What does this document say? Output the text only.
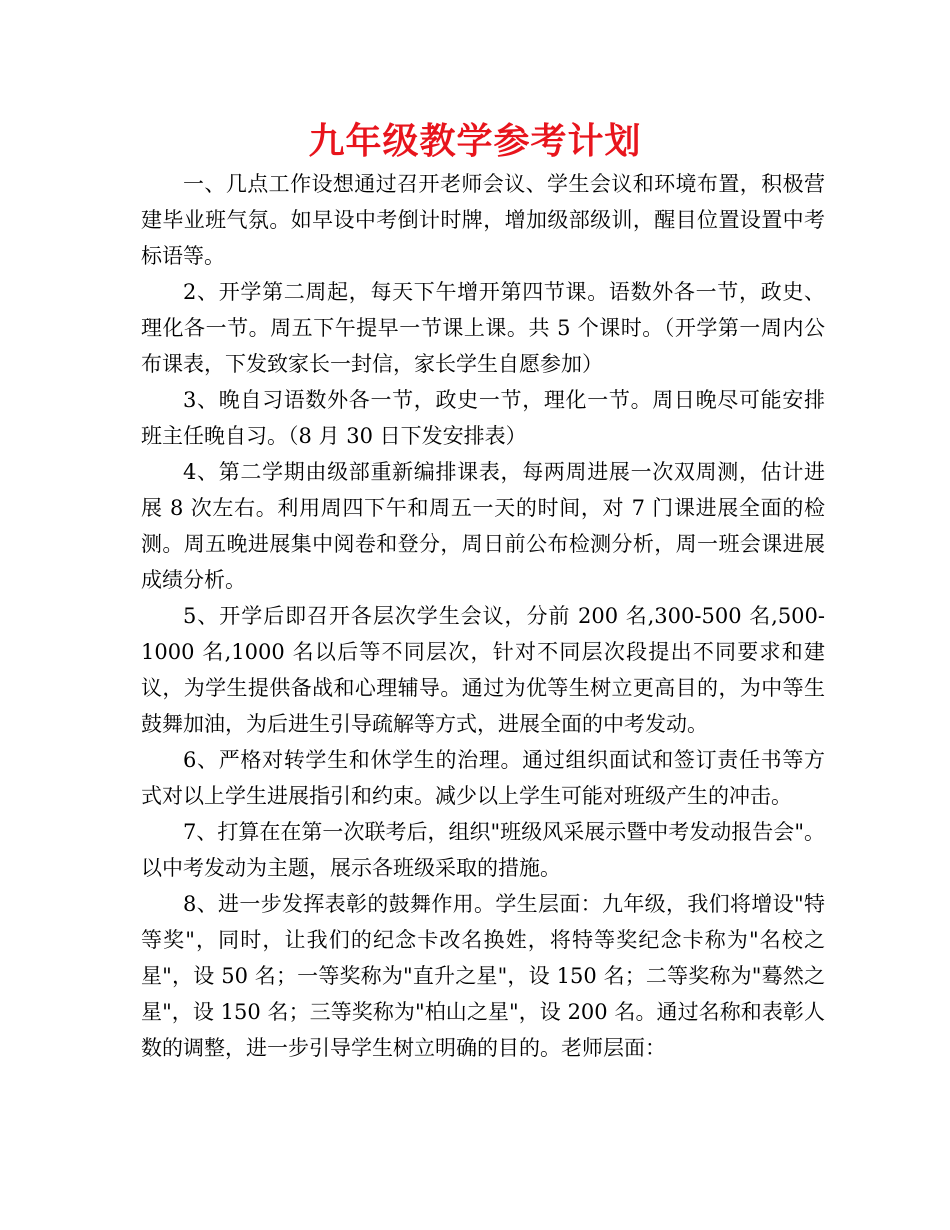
九年级教学参考计划

一、几点工作设想通过召开老师会议、学生会议和环境布置，积极营建毕业班气氛。如早设中考倒计时牌，增加级部级训，醒目位置设置中考标语等。

2、开学第二周起，每天下午增开第四节课。语数外各一节，政史、理化各一节。周五下午提早一节课上课。共 5 个课时。（开学第一周内公布课表，下发致家长一封信，家长学生自愿参加）

3、晚自习语数外各一节，政史一节，理化一节。周日晚尽可能安排班主任晚自习。（8 月 30 日下发安排表）

4、第二学期由级部重新编排课表，每两周进展一次双周测，估计进展 8 次左右。利用周四下午和周五一天的时间，对 7 门课进展全面的检测。周五晚进展集中阅卷和登分，周日前公布检测分析，周一班会课进展成绩分析。

5、开学后即召开各层次学生会议，分前 200 名,300-500 名,500-1000 名,1000 名以后等不同层次，针对不同层次段提出不同要求和建议，为学生提供备战和心理辅导。通过为优等生树立更高目的，为中等生鼓舞加油，为后进生引导疏解等方式，进展全面的中考发动。

6、严格对转学生和休学生的治理。通过组织面试和签订责任书等方式对以上学生进展指引和约束。减少以上学生可能对班级产生的冲击。

7、打算在在第一次联考后，组织"班级风采展示暨中考发动报告会"。以中考发动为主题，展示各班级采取的措施。

8、进一步发挥表彰的鼓舞作用。学生层面：九年级，我们将增设"特等奖"，同时，让我们的纪念卡改名换姓，将特等奖纪念卡称为"名校之星"，设 50 名；一等奖称为"直升之星"，设 150 名；二等奖称为"蓦然之星"，设 150 名；三等奖称为"柏山之星"，设 200 名。通过名称和表彰人数的调整，进一步引导学生树立明确的目的。老师层面：
